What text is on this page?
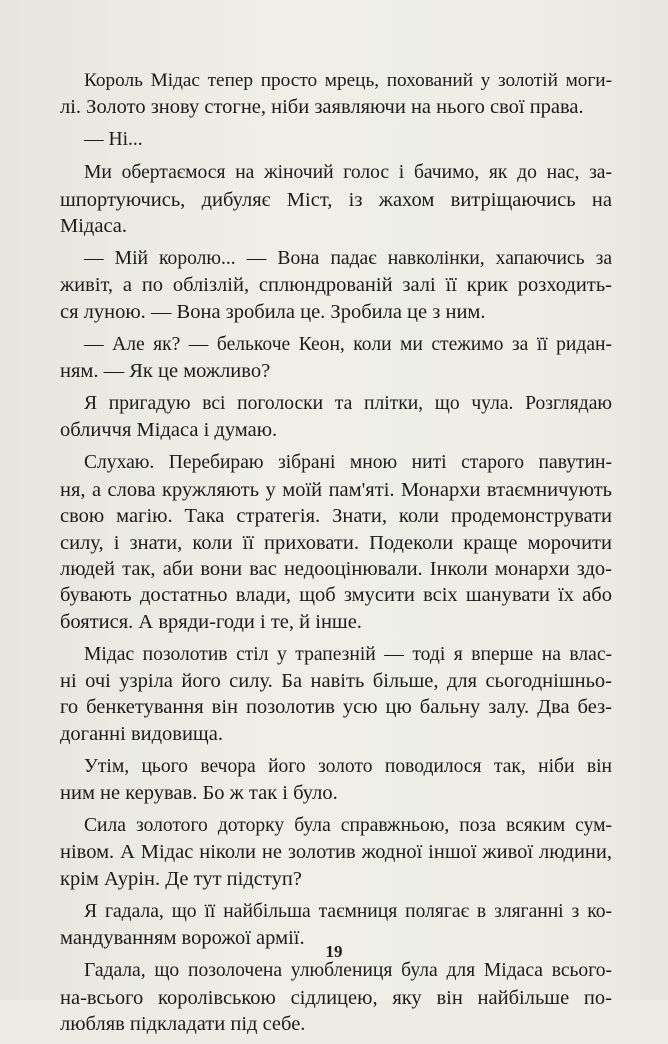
Король Мідас тепер просто мрець, похований у золотій моги-
лі. Золото знову стогне, ніби заявляючи на нього свої права.
— Ні...
Ми обертаємося на жіночий голос і бачимо, як до нас, за-
шпортуючись, дибуляє Міст, із жахом витріщаючись на
Мідаса.
— Мій королю... — Вона падає навколінки, хапаючись за
живіт, а по облізлій, сплюндрованій залі її крик розходить-
ся луною. — Вона зробила це. Зробила це з ним.
— Але як? — белькоче Кеон, коли ми стежимо за її ридан-
ням. — Як це можливо?
Я пригадую всі поголоски та плітки, що чула. Розглядаю
обличчя Мідаса і думаю.
Слухаю. Перебираю зібрані мною нитi старого павутин-
ня, а слова кружляють у моїй пам'яті. Монархи втаємничують
свою магію. Така стратегія. Знати, коли продемонструвати
силу, і знати, коли її приховати. Подеколи краще морочити
людей так, аби вони вас недооцінювали. Інколи монархи здо-
бувають достатньо влади, щоб змусити всіх шанувати їх або
боятися. А вряди-годи і те, й інше.
Мідас позолотив стіл у трапезній — тоді я вперше на влас-
ні очі узріла його силу. Ба навіть більше, для сьогоднішньо-
го бенкетування він позолотив усю цю бальну залу. Два без-
доганні видовища.
Утім, цього вечора його золото поводилося так, ніби він
ним не керував. Бо ж так і було.
Сила золотого доторку була справжньою, поза всяким сум-
нівом. А Мідас ніколи не золотив жодної іншої живої людини,
крім Аурін. Де тут підступ?
Я гадала, що її найбільша таємниця полягає в зляганні з ко-
мандуванням ворожої армії.
Гадала, що позолочена улюблениця була для Мідаса всього-
на-всього королівською сідлицею, яку він найбільше по-
любляв підкладати під себе.
19
